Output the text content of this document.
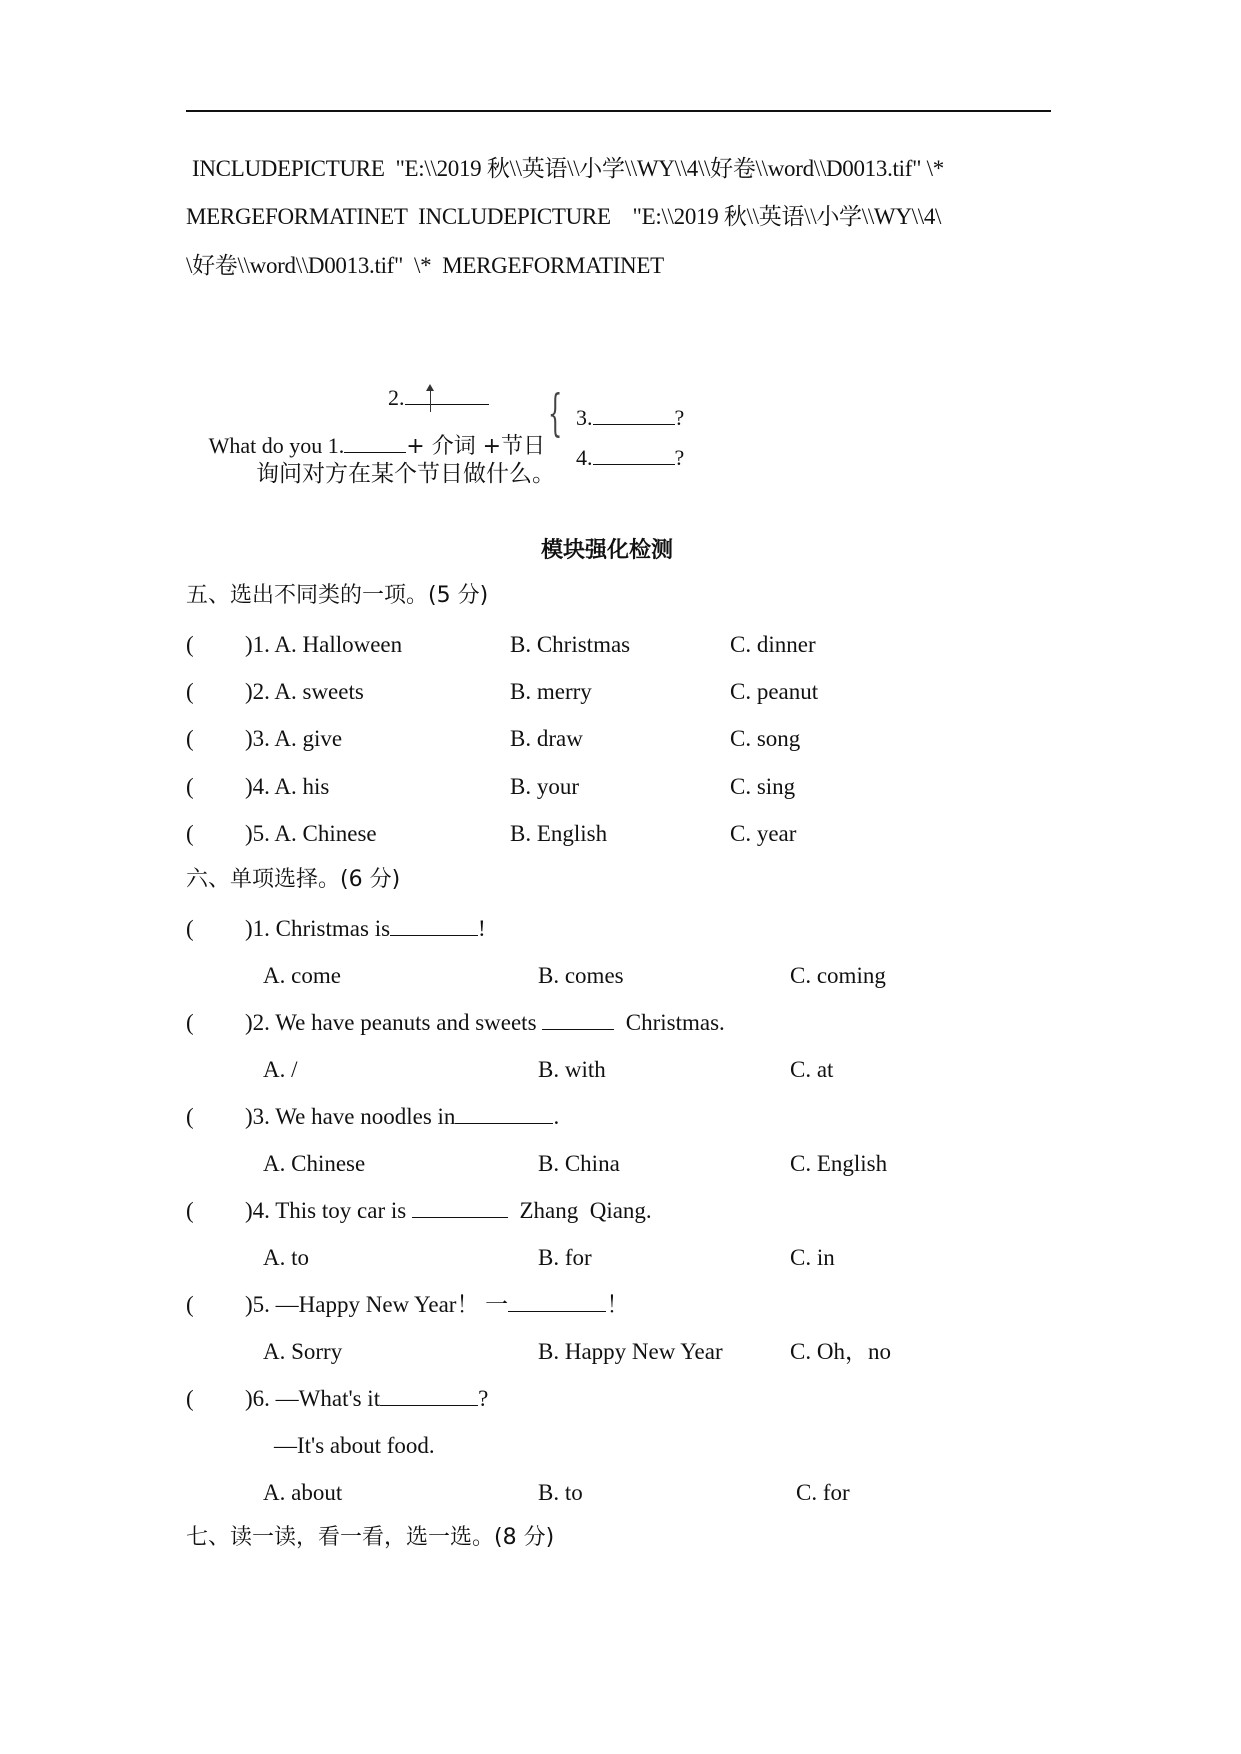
INCLUDEPICTURE  "E:\\2019 秋\\英语\\小学\\WY\\4\\好卷\\word\\D0013.tif" \*
MERGEFORMATINET  INCLUDEPICTURE    "E:\\2019 秋\\英语\\小学\\WY\\4\
\好卷\\word\\D0013.tif"  \*  MERGEFORMATINET

2.

What do you 1.	+ 介词 +节日

{ 3.	?

4.	?

询问对方在某个节日做什么。
模块强化检测
五、选出不同类的一项。(5 分)
( )1. A. Halloween	B. Christmas	C. dinner
( )2. A. sweets	B. merry	C. peanut
( )3. A. give	B. draw	C. song
( )4. A. his	B. your	C. sing
( )5. A. Chinese	B. English	C. year
六、单项选择。(6 分)
( )1. Christmas is	!
A. come	B. comes	C. coming
( )2. We have peanuts and sweets	Christmas.
A. /	B. with	C. at
( )3. We have noodles in	.
A. Chinese	B. China	C. English
( )4. This toy car is	Zhang  Qiang.
A. to	B. for	C. in
( )5. —Happy New Year！ 一	！
A. Sorry	B. Happy New Year	C. Oh，no
( )6. —What's it	?
—It's about food.
A. about	B. to	C. for
七、读一读，看一看，选一选。(8 分)
